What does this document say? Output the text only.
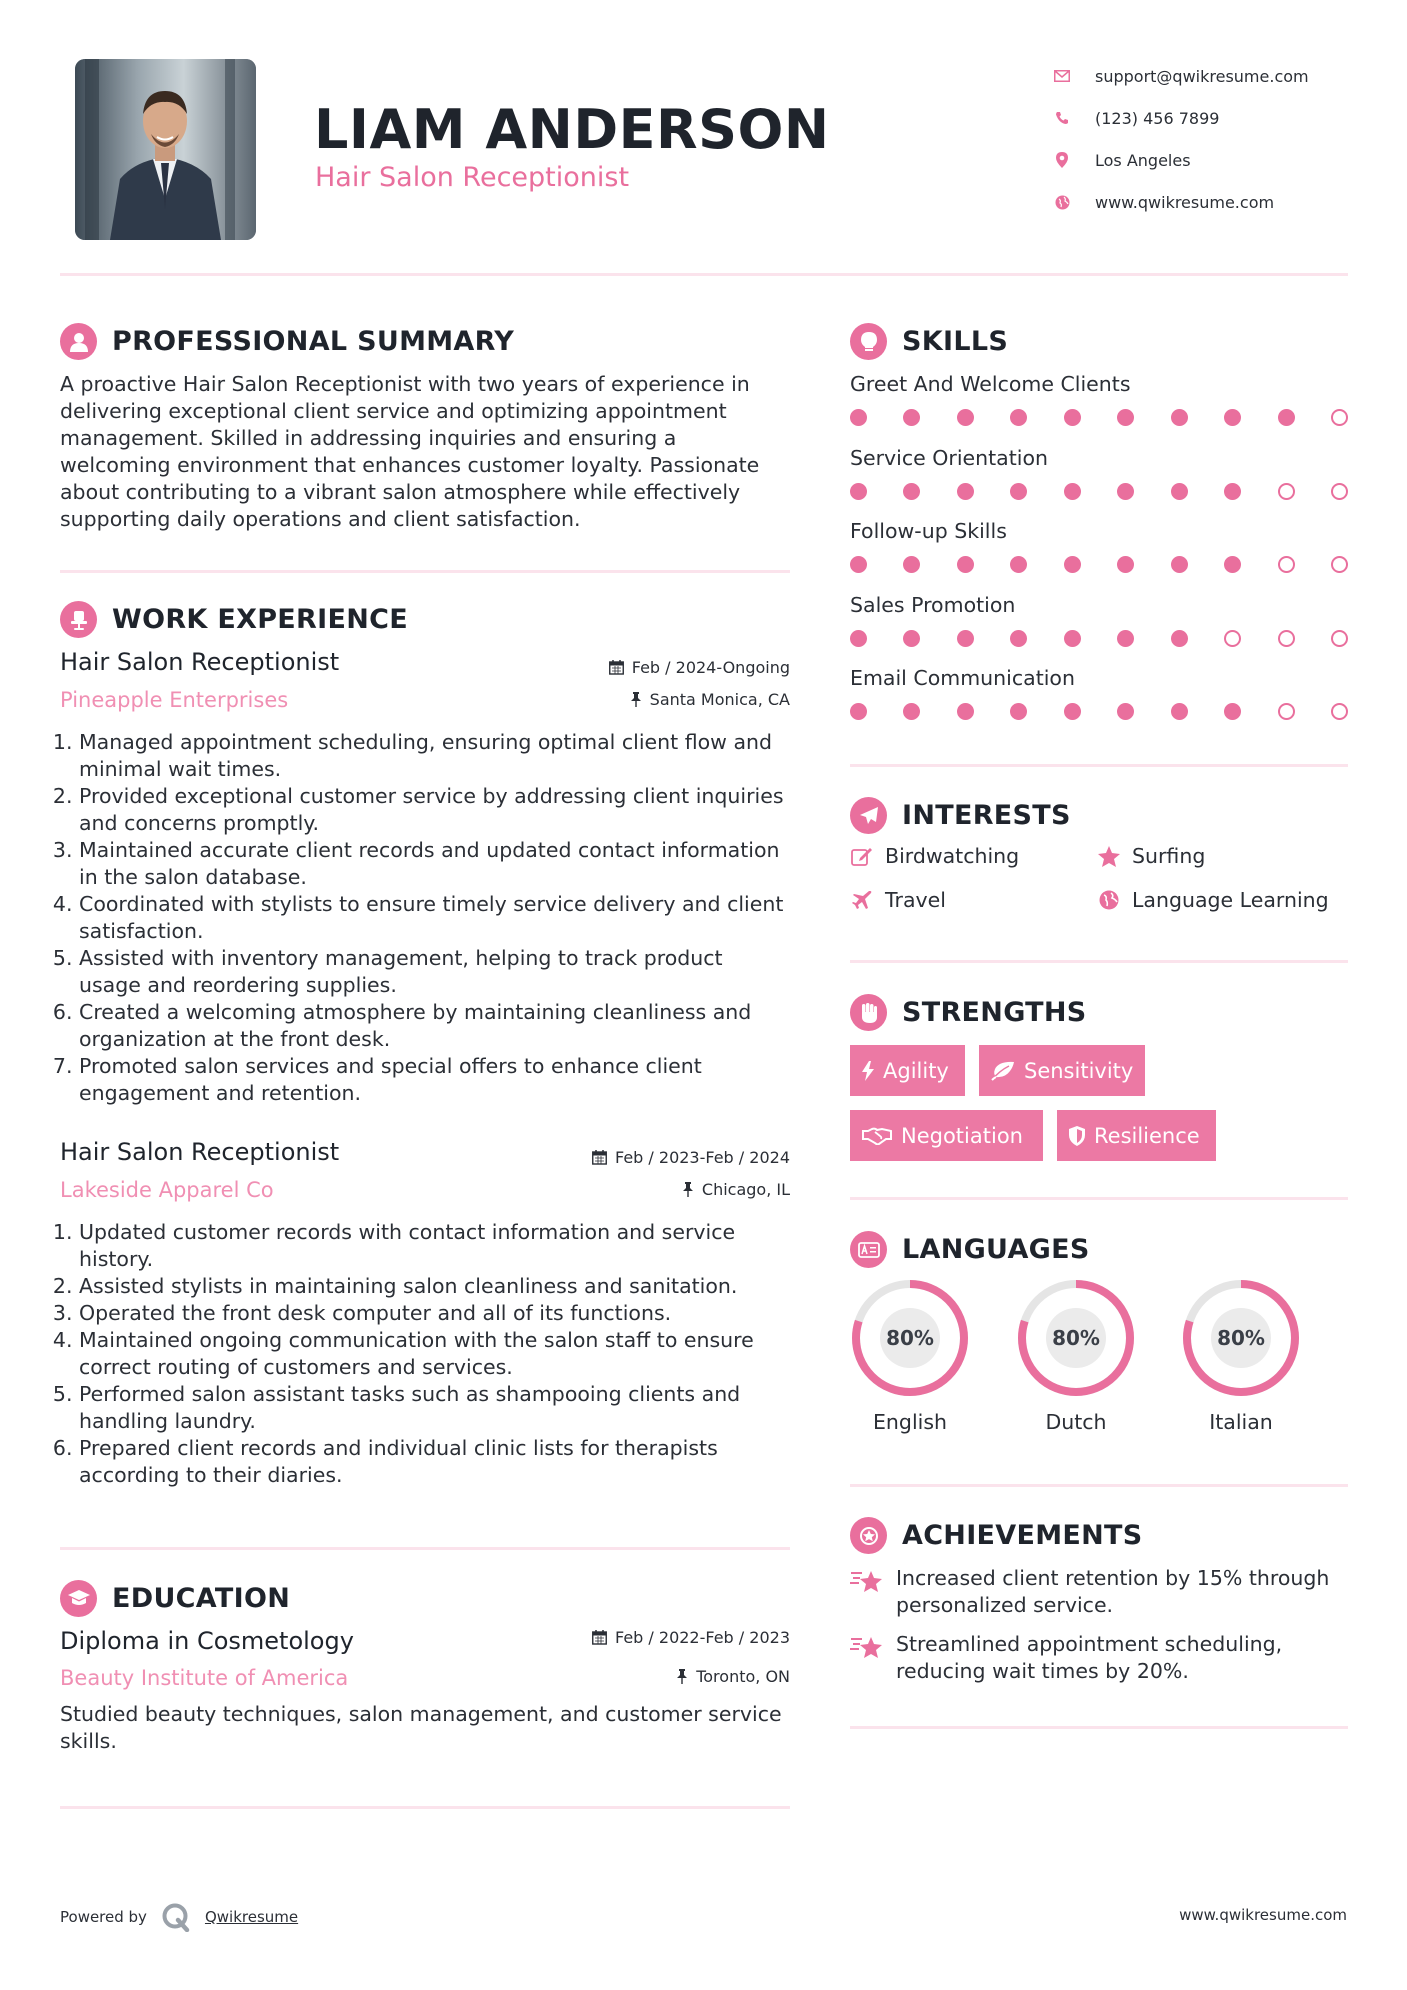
LIAM ANDERSON
Hair Salon Receptionist
support@qwikresume.com
(123) 456 7899
Los Angeles
www.qwikresume.com
PROFESSIONAL SUMMARY
A proactive Hair Salon Receptionist with two years of experience in delivering exceptional client service and optimizing appointment management. Skilled in addressing inquiries and ensuring a welcoming environment that enhances customer loyalty. Passionate about contributing to a vibrant salon atmosphere while effectively supporting daily operations and client satisfaction.
WORK EXPERIENCE
Hair Salon Receptionist	Feb / 2024-Ongoing
Pineapple Enterprises	Santa Monica, CA
1. Managed appointment scheduling, ensuring optimal client flow and minimal wait times.
2. Provided exceptional customer service by addressing client inquiries and concerns promptly.
3. Maintained accurate client records and updated contact information in the salon database.
4. Coordinated with stylists to ensure timely service delivery and client satisfaction.
5. Assisted with inventory management, helping to track product usage and reordering supplies.
6. Created a welcoming atmosphere by maintaining cleanliness and organization at the front desk.
7. Promoted salon services and special offers to enhance client engagement and retention.
Hair Salon Receptionist	Feb / 2023-Feb / 2024
Lakeside Apparel Co	Chicago, IL
1. Updated customer records with contact information and service history.
2. Assisted stylists in maintaining salon cleanliness and sanitation.
3. Operated the front desk computer and all of its functions.
4. Maintained ongoing communication with the salon staff to ensure correct routing of customers and services.
5. Performed salon assistant tasks such as shampooing clients and handling laundry.
6. Prepared client records and individual clinic lists for therapists according to their diaries.
EDUCATION
Diploma in Cosmetology	Feb / 2022-Feb / 2023
Beauty Institute of America	Toronto, ON
Studied beauty techniques, salon management, and customer service skills.
SKILLS
Greet And Welcome Clients
Service Orientation
Follow-up Skills
Sales Promotion
Email Communication
INTERESTS
Birdwatching	Surfing
Travel	Language Learning
STRENGTHS
Agility	Sensitivity
Negotiation	Resilience
LANGUAGES
80%
English
80%
Dutch
80%
Italian
ACHIEVEMENTS
Increased client retention by 15% through personalized service.
Streamlined appointment scheduling, reducing wait times by 20%.
Powered by	Qwikresume	www.qwikresume.com
